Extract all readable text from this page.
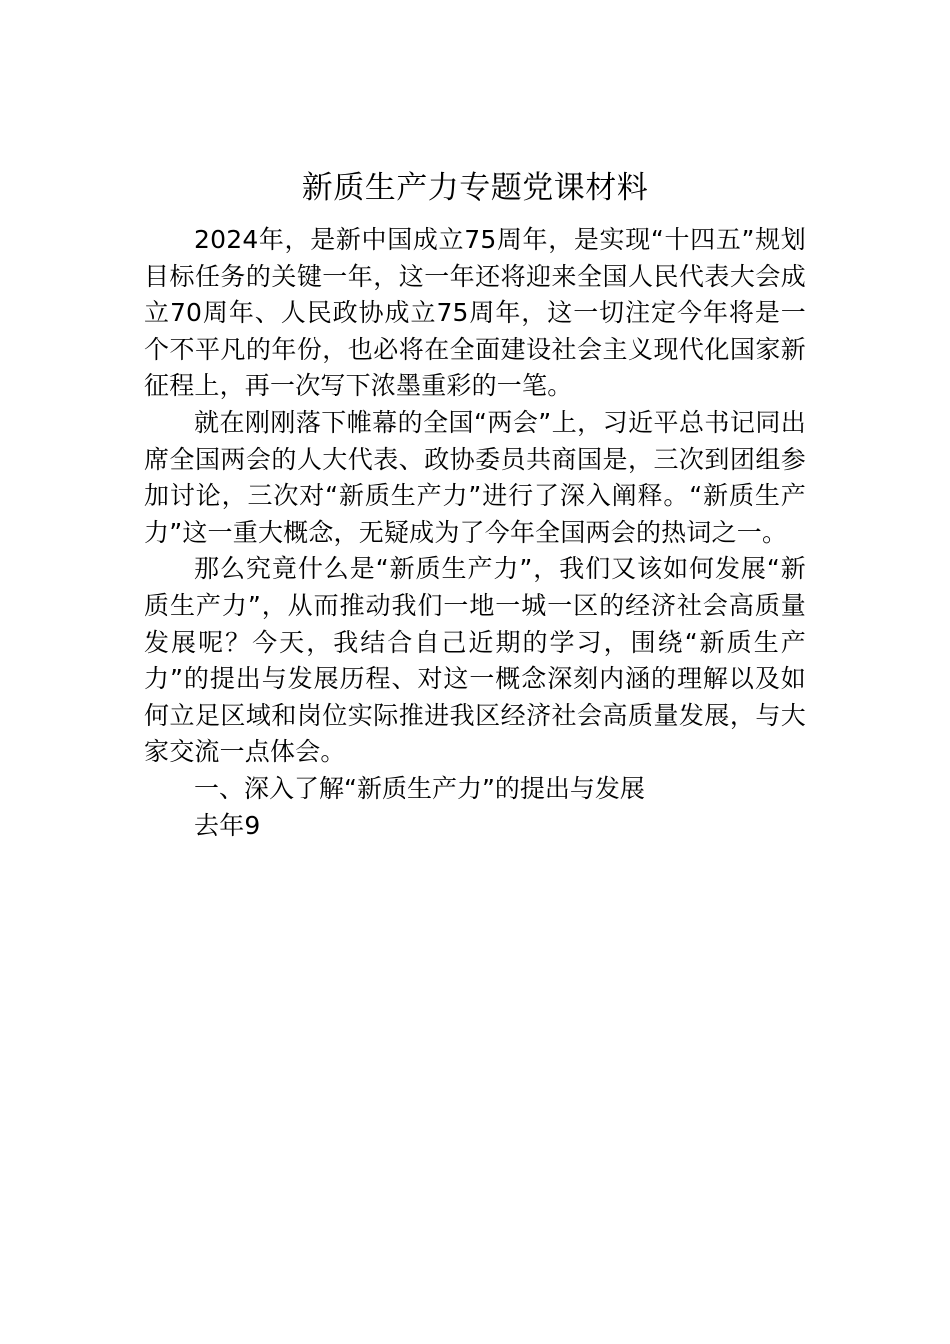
新质生产力专题党课材料

2024年，是新中国成立75周年，是实现“十四五”规划目标任务的关键一年，这一年还将迎来全国人民代表大会成立70周年、人民政协成立75周年，这一切注定今年将是一个不平凡的年份，也必将在全面建设社会主义现代化国家新征程上，再一次写下浓墨重彩的一笔。

就在刚刚落下帷幕的全国“两会”上，习近平总书记同出席全国两会的人大代表、政协委员共商国是，三次到团组参加讨论，三次对“新质生产力”进行了深入阐释。“新质生产力”这一重大概念，无疑成为了今年全国两会的热词之一。

那么究竟什么是“新质生产力”，我们又该如何发展“新质生产力”，从而推动我们一地一城一区的经济社会高质量发展呢？今天，我结合自己近期的学习，围绕“新质生产力”的提出与发展历程、对这一概念深刻内涵的理解以及如何立足区域和岗位实际推进我区经济社会高质量发展，与大家交流一点体会。

一、深入了解“新质生产力”的提出与发展

去年9
